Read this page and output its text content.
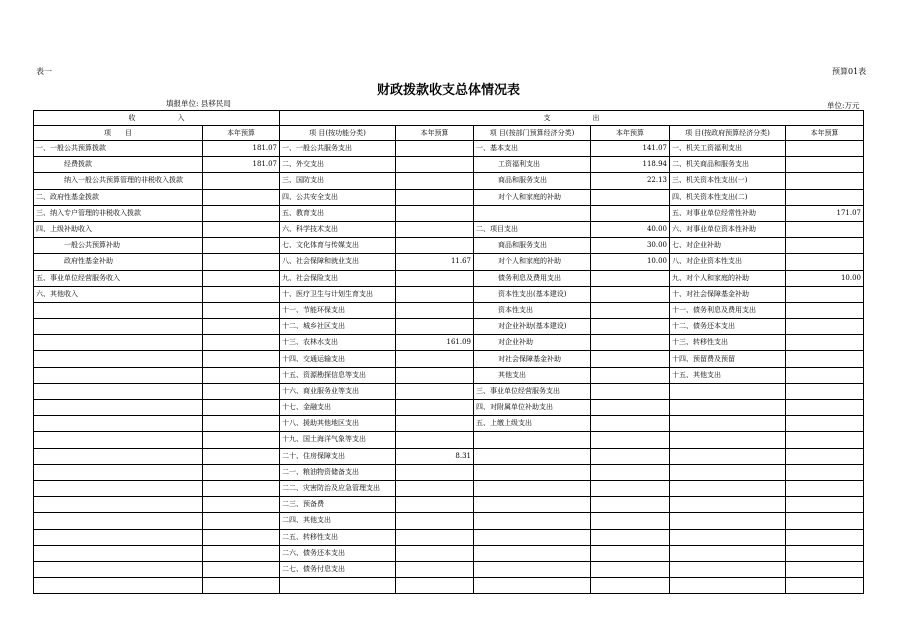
表一	预算01表
财政拨款收支总体情况表
填报单位: 县移民局	单位:万元
收　　　　　　入		支　　　　　　出					
项　　目	本年预算	项 目(按功能分类)	本年预算	项 目(按部门预算经济分类)	本年预算	项 目(按政府预算经济分类)	本年预算
一、一般公共预算拨款	181.07	一、一般公共服务支出		一、基本支出	141.07	一、机关工资福利支出	
经费拨款	181.07	二、外交支出		工资福利支出	118.94	二、机关商品和服务支出	
纳入一般公共预算管理的非税收入拨款		三、国防支出		商品和服务支出	22.13	三、机关资本性支出(一)	
二、政府性基金拨款		四、公共安全支出		对个人和家庭的补助		四、机关资本性支出(二)	
三、纳入专户管理的非税收入拨款		五、教育支出				五、对事业单位经常性补助	171.07
四、上级补助收入		六、科学技术支出		二、项目支出	40.00	六、对事业单位资本性补助	
一般公共预算补助		七、文化体育与传媒支出		商品和服务支出	30.00	七、对企业补助	
政府性基金补助		八、社会保障和就业支出	11.67	对个人和家庭的补助	10.00	八、对企业资本性支出	
五、事业单位经营服务收入		九、社会保险支出		债务利息及费用支出		九、对个人和家庭的补助	10.00
六、其他收入		十、医疗卫生与计划生育支出		资本性支出(基本建设)		十、对社会保障基金补助	
		十一、节能环保支出		资本性支出		十一、债务利息及费用支出	
		十二、城乡社区支出		对企业补助(基本建设)		十二、债务还本支出	
		十三、农林水支出	161.09	对企业补助		十三、转移性支出	
		十四、交通运输支出		对社会保障基金补助		十四、预留费及预留	
		十五、资源勘探信息等支出		其他支出		十五、其他支出	
		十六、商业服务业等支出		三、事业单位经营服务支出			
		十七、金融支出		四、对附属单位补助支出			
		十八、援助其他地区支出		五、上缴上级支出			
		十九、国土海洋气象等支出					
		二十、住房保障支出	8.31				
		二一、粮油物资储备支出					
		二二、灾害防治及应急管理支出					
		二三、预备费					
		二四、其他支出					
		二五、转移性支出					
		二六、债务还本支出					
		二七、债务付息支出					
